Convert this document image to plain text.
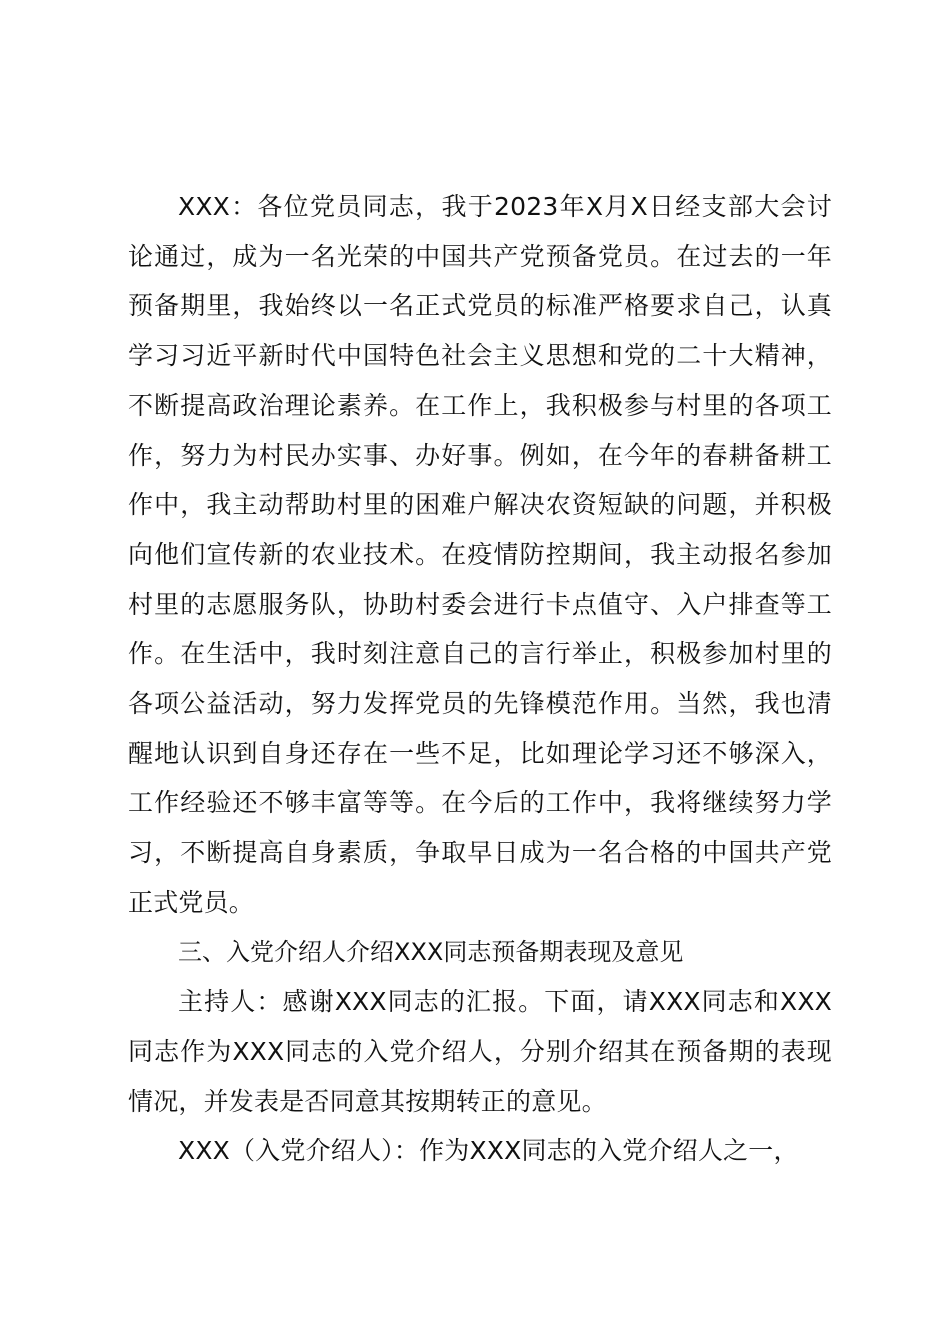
XXX：各位党员同志，我于2023年X月X日经支部大会讨论通过，成为一名光荣的中国共产党预备党员。在过去的一年预备期里，我始终以一名正式党员的标准严格要求自己，认真学习习近平新时代中国特色社会主义思想和党的二十大精神，不断提高政治理论素养。在工作上，我积极参与村里的各项工作，努力为村民办实事、办好事。例如，在今年的春耕备耕工作中，我主动帮助村里的困难户解决农资短缺的问题，并积极向他们宣传新的农业技术。在疫情防控期间，我主动报名参加村里的志愿服务队，协助村委会进行卡点值守、入户排查等工作。在生活中，我时刻注意自己的言行举止，积极参加村里的各项公益活动，努力发挥党员的先锋模范作用。当然，我也清醒地认识到自身还存在一些不足，比如理论学习还不够深入，工作经验还不够丰富等等。在今后的工作中，我将继续努力学习，不断提高自身素质，争取早日成为一名合格的中国共产党正式党员。

三、入党介绍人介绍XXX同志预备期表现及意见

主持人：感谢XXX同志的汇报。下面，请XXX同志和XXX同志作为XXX同志的入党介绍人，分别介绍其在预备期的表现情况，并发表是否同意其按期转正的意见。

XXX（入党介绍人）：作为XXX同志的入党介绍人之一，
